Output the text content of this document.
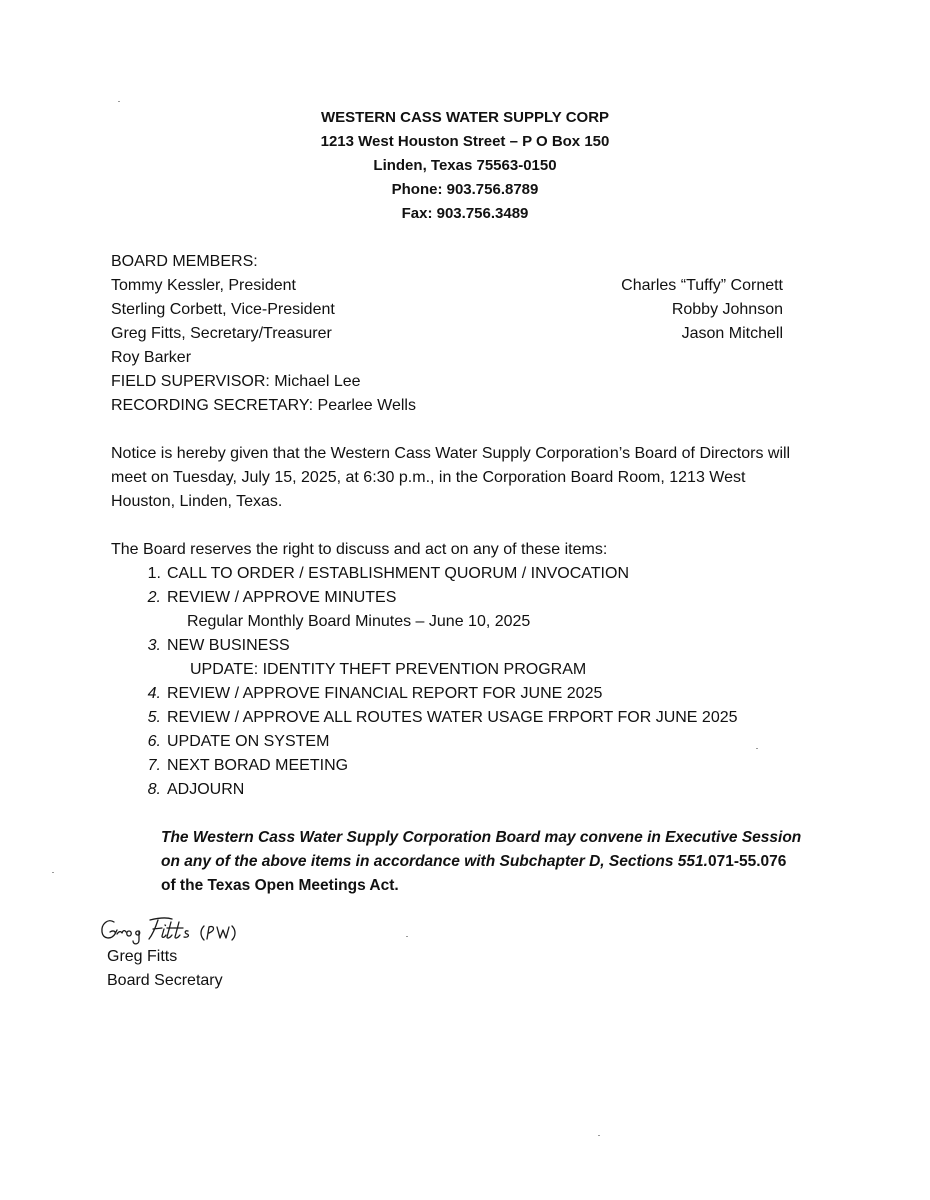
WESTERN CASS WATER SUPPLY CORP
1213 West Houston Street – P O Box 150
Linden, Texas 75563-0150
Phone: 903.756.8789
Fax: 903.756.3489
BOARD MEMBERS:
Tommy Kessler, President
Sterling Corbett, Vice-President
Greg Fitts, Secretary/Treasurer
Roy Barker
FIELD SUPERVISOR: Michael Lee
RECORDING SECRETARY: Pearlee Wells
Charles “Tuffy” Cornett
Robby Johnson
Jason Mitchell
Notice is hereby given that the Western Cass Water Supply Corporation’s Board of Directors will
meet on Tuesday, July 15, 2025, at 6:30 p.m., in the Corporation Board Room, 1213 West
Houston, Linden, Texas.
The Board reserves the right to discuss and act on any of these items:
1. CALL TO ORDER / ESTABLISHMENT QUORUM / INVOCATION
2. REVIEW / APPROVE MINUTES
Regular Monthly Board Minutes – June 10, 2025
3. NEW BUSINESS
UPDATE: IDENTITY THEFT PREVENTION PROGRAM
4. REVIEW / APPROVE FINANCIAL REPORT FOR JUNE 2025
5. REVIEW / APPROVE ALL ROUTES WATER USAGE FRPORT FOR JUNE 2025
6. UPDATE ON SYSTEM
7. NEXT BORAD MEETING
8. ADJOURN
The Western Cass Water Supply Corporation Board may convene in Executive Session
on any of the above items in accordance with Subchapter D, Sections 551.071-55.076
of the Texas Open Meetings Act.
Greg Fitts
Board Secretary
